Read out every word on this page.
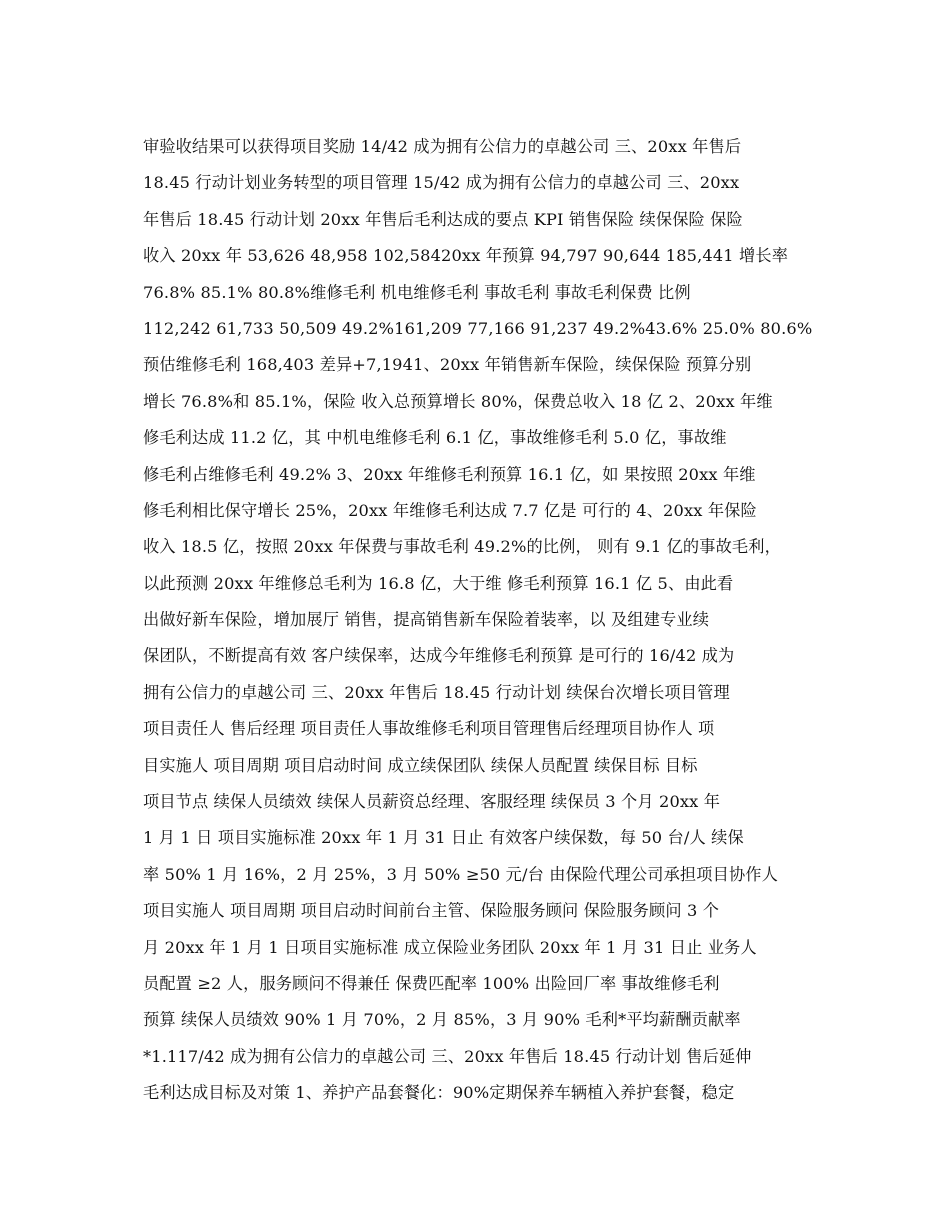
审验收结果可以获得项目奖励 14/42 成为拥有公信力的卓越公司 三、20xx 年售后
18.45 行动计划业务转型的项目管理 15/42 成为拥有公信力的卓越公司 三、20xx
年售后 18.45 行动计划 20xx 年售后毛利达成的要点 KPI 销售保险 续保保险 保险
收入 20xx 年 53,626 48,958 102,58420xx 年预算 94,797 90,644 185,441 增长率
76.8% 85.1% 80.8%维修毛利 机电维修毛利 事故毛利 事故毛利保费 比例
112,242 61,733 50,509 49.2%161,209 77,166 91,237 49.2%43.6% 25.0% 80.6%
预估维修毛利 168,403 差异+7,1941、20xx 年销售新车保险，续保保险 预算分别
增长 76.8%和 85.1%，保险 收入总预算增长 80%，保费总收入 18 亿 2、20xx 年维
修毛利达成 11.2 亿，其 中机电维修毛利 6.1 亿，事故维修毛利 5.0 亿，事故维
修毛利占维修毛利 49.2% 3、20xx 年维修毛利预算 16.1 亿，如 果按照 20xx 年维
修毛利相比保守增长 25%，20xx 年维修毛利达成 7.7 亿是 可行的 4、20xx 年保险
收入 18.5 亿，按照 20xx 年保费与事故毛利 49.2%的比例， 则有 9.1 亿的事故毛利，
以此预测 20xx 年维修总毛利为 16.8 亿，大于维 修毛利预算 16.1 亿 5、由此看
出做好新车保险，增加展厅 销售，提高销售新车保险着装率，以 及组建专业续
保团队，不断提高有效 客户续保率，达成今年维修毛利预算 是可行的 16/42 成为
拥有公信力的卓越公司 三、20xx 年售后 18.45 行动计划 续保台次增长项目管理
项目责任人 售后经理 项目责任人事故维修毛利项目管理售后经理项目协作人 项
目实施人 项目周期 项目启动时间 成立续保团队 续保人员配置 续保目标 目标
项目节点 续保人员绩效 续保人员薪资总经理、客服经理 续保员 3 个月 20xx 年
1 月 1 日 项目实施标准 20xx 年 1 月 31 日止 有效客户续保数，每 50 台/人 续保
率 50% 1 月 16%，2 月 25%，3 月 50% ≥50 元/台 由保险代理公司承担项目协作人
项目实施人 项目周期 项目启动时间前台主管、保险服务顾问 保险服务顾问 3 个
月 20xx 年 1 月 1 日项目实施标准 成立保险业务团队 20xx 年 1 月 31 日止 业务人
员配置 ≥2 人，服务顾问不得兼任 保费匹配率 100% 出险回厂率 事故维修毛利
预算 续保人员绩效 90% 1 月 70%，2 月 85%，3 月 90% 毛利*平均薪酬贡献率
*1.117/42 成为拥有公信力的卓越公司 三、20xx 年售后 18.45 行动计划 售后延伸
毛利达成目标及对策 1、养护产品套餐化：90%定期保养车辆植入养护套餐，稳定
